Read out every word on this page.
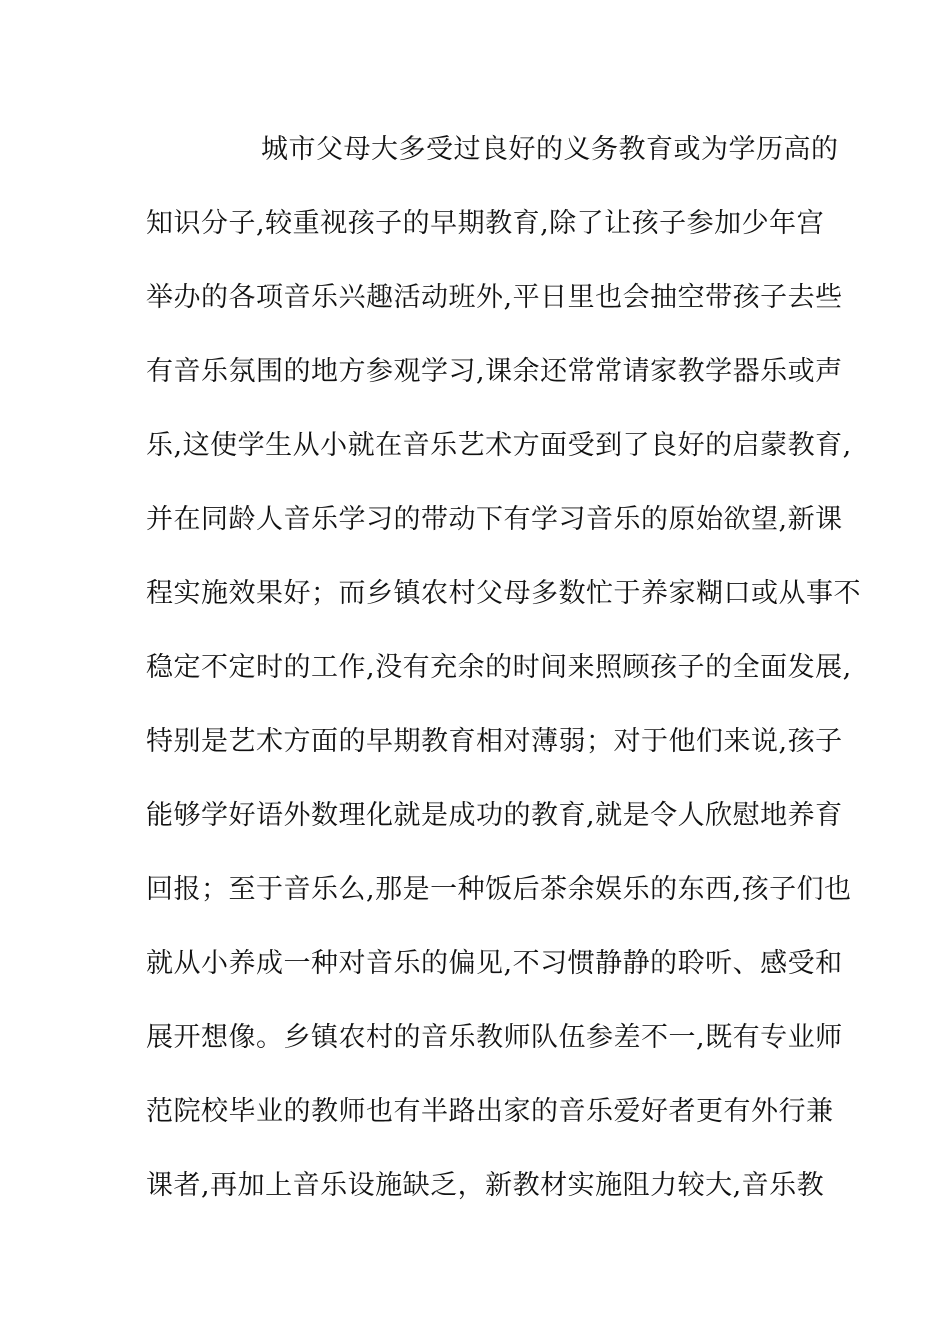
城市父母大多受过良好的义务教育或为学历高的
知识分子,较重视孩子的早期教育,除了让孩子参加少年宫
举办的各项音乐兴趣活动班外,平日里也会抽空带孩子去些
有音乐氛围的地方参观学习,课余还常常请家教学器乐或声
乐,这使学生从小就在音乐艺术方面受到了良好的启蒙教育,
并在同龄人音乐学习的带动下有学习音乐的原始欲望,新课
程实施效果好；而乡镇农村父母多数忙于养家糊口或从事不
稳定不定时的工作,没有充余的时间来照顾孩子的全面发展,
特别是艺术方面的早期教育相对薄弱；对于他们来说,孩子
能够学好语外数理化就是成功的教育,就是令人欣慰地养育
回报；至于音乐么,那是一种饭后茶余娱乐的东西,孩子们也
就从小养成一种对音乐的偏见,不习惯静静的聆听、感受和
展开想像。乡镇农村的音乐教师队伍参差不一,既有专业师
范院校毕业的教师也有半路出家的音乐爱好者更有外行兼
课者,再加上音乐设施缺乏，新教材实施阻力较大,音乐教
